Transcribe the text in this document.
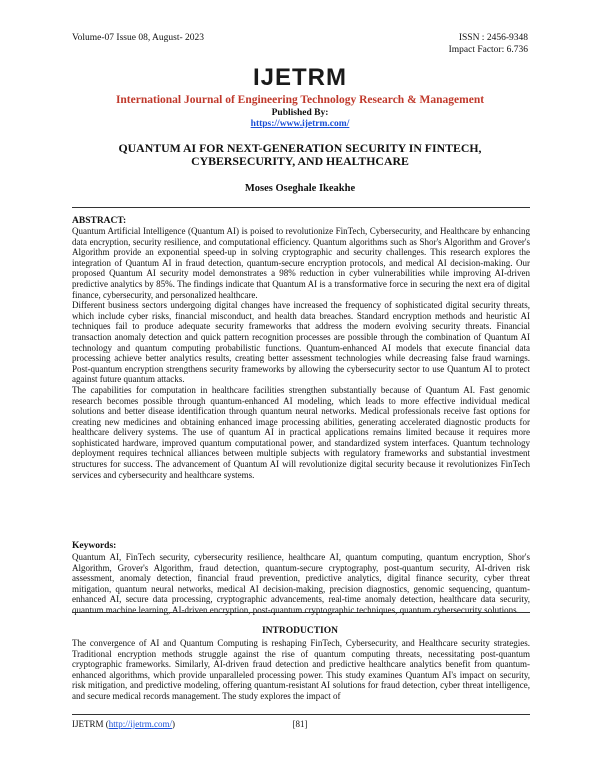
Volume-07 Issue 08, August- 2023	ISSN : 2456-9348
Impact Factor: 6.736
IJETRM
International Journal of Engineering Technology Research & Management
Published By:
https://www.ijetrm.com/
QUANTUM AI FOR NEXT-GENERATION SECURITY IN FINTECH, CYBERSECURITY, AND HEALTHCARE
Moses Oseghale Ikeakhe
ABSTRACT:

Quantum Artificial Intelligence (Quantum AI) is poised to revolutionize FinTech, Cybersecurity, and Healthcare by enhancing data encryption, security resilience, and computational efficiency. Quantum algorithms such as Shor's Algorithm and Grover's Algorithm provide an exponential speed-up in solving cryptographic and security challenges. This research explores the integration of Quantum AI in fraud detection, quantum-secure encryption protocols, and medical AI decision-making. Our proposed Quantum AI security model demonstrates a 98% reduction in cyber vulnerabilities while improving AI-driven predictive analytics by 85%. The findings indicate that Quantum AI is a transformative force in securing the next era of digital finance, cybersecurity, and personalized healthcare.

Different business sectors undergoing digital changes have increased the frequency of sophisticated digital security threats, which include cyber risks, financial misconduct, and health data breaches. Standard encryption methods and heuristic AI techniques fail to produce adequate security frameworks that address the modern evolving security threats. Financial transaction anomaly detection and quick pattern recognition processes are possible through the combination of Quantum AI technology and quantum computing probabilistic functions. Quantum-enhanced AI models that execute financial data processing achieve better analytics results, creating better assessment technologies while decreasing false fraud warnings. Post-quantum encryption strengthens security frameworks by allowing the cybersecurity sector to use Quantum AI to protect against future quantum attacks.

The capabilities for computation in healthcare facilities strengthen substantially because of Quantum AI. Fast genomic research becomes possible through quantum-enhanced AI modeling, which leads to more effective individual medical solutions and better disease identification through quantum neural networks. Medical professionals receive fast options for creating new medicines and obtaining enhanced image processing abilities, generating accelerated diagnostic products for healthcare delivery systems. The use of quantum AI in practical applications remains limited because it requires more sophisticated hardware, improved quantum computational power, and standardized system interfaces. Quantum technology deployment requires technical alliances between multiple subjects with regulatory frameworks and substantial investment structures for success. The advancement of Quantum AI will revolutionize digital security because it revolutionizes FinTech services and cybersecurity and healthcare systems.

Keywords:
Quantum AI, FinTech security, cybersecurity resilience, healthcare AI, quantum computing, quantum encryption, Shor's Algorithm, Grover's Algorithm, fraud detection, quantum-secure cryptography, post-quantum security, AI-driven risk assessment, anomaly detection, financial fraud prevention, predictive analytics, digital finance security, cyber threat mitigation, quantum neural networks, medical AI decision-making, precision diagnostics, genomic sequencing, quantum-enhanced AI, secure data processing, cryptographic advancements, real-time anomaly detection, healthcare data security, quantum machine learning, AI-driven encryption, post-quantum cryptographic techniques, quantum cybersecurity solutions.
INTRODUCTION
The convergence of AI and Quantum Computing is reshaping FinTech, Cybersecurity, and Healthcare security strategies. Traditional encryption methods struggle against the rise of quantum computing threats, necessitating post-quantum cryptographic frameworks. Similarly, AI-driven fraud detection and predictive healthcare analytics benefit from quantum-enhanced algorithms, which provide unparalleled processing power. This study examines Quantum AI's impact on security, risk mitigation, and predictive modeling, offering quantum-resistant AI solutions for fraud detection, cyber threat intelligence, and secure medical records management. The study explores the impact of
IJETRM (http://ijetrm.com/)	[81]
